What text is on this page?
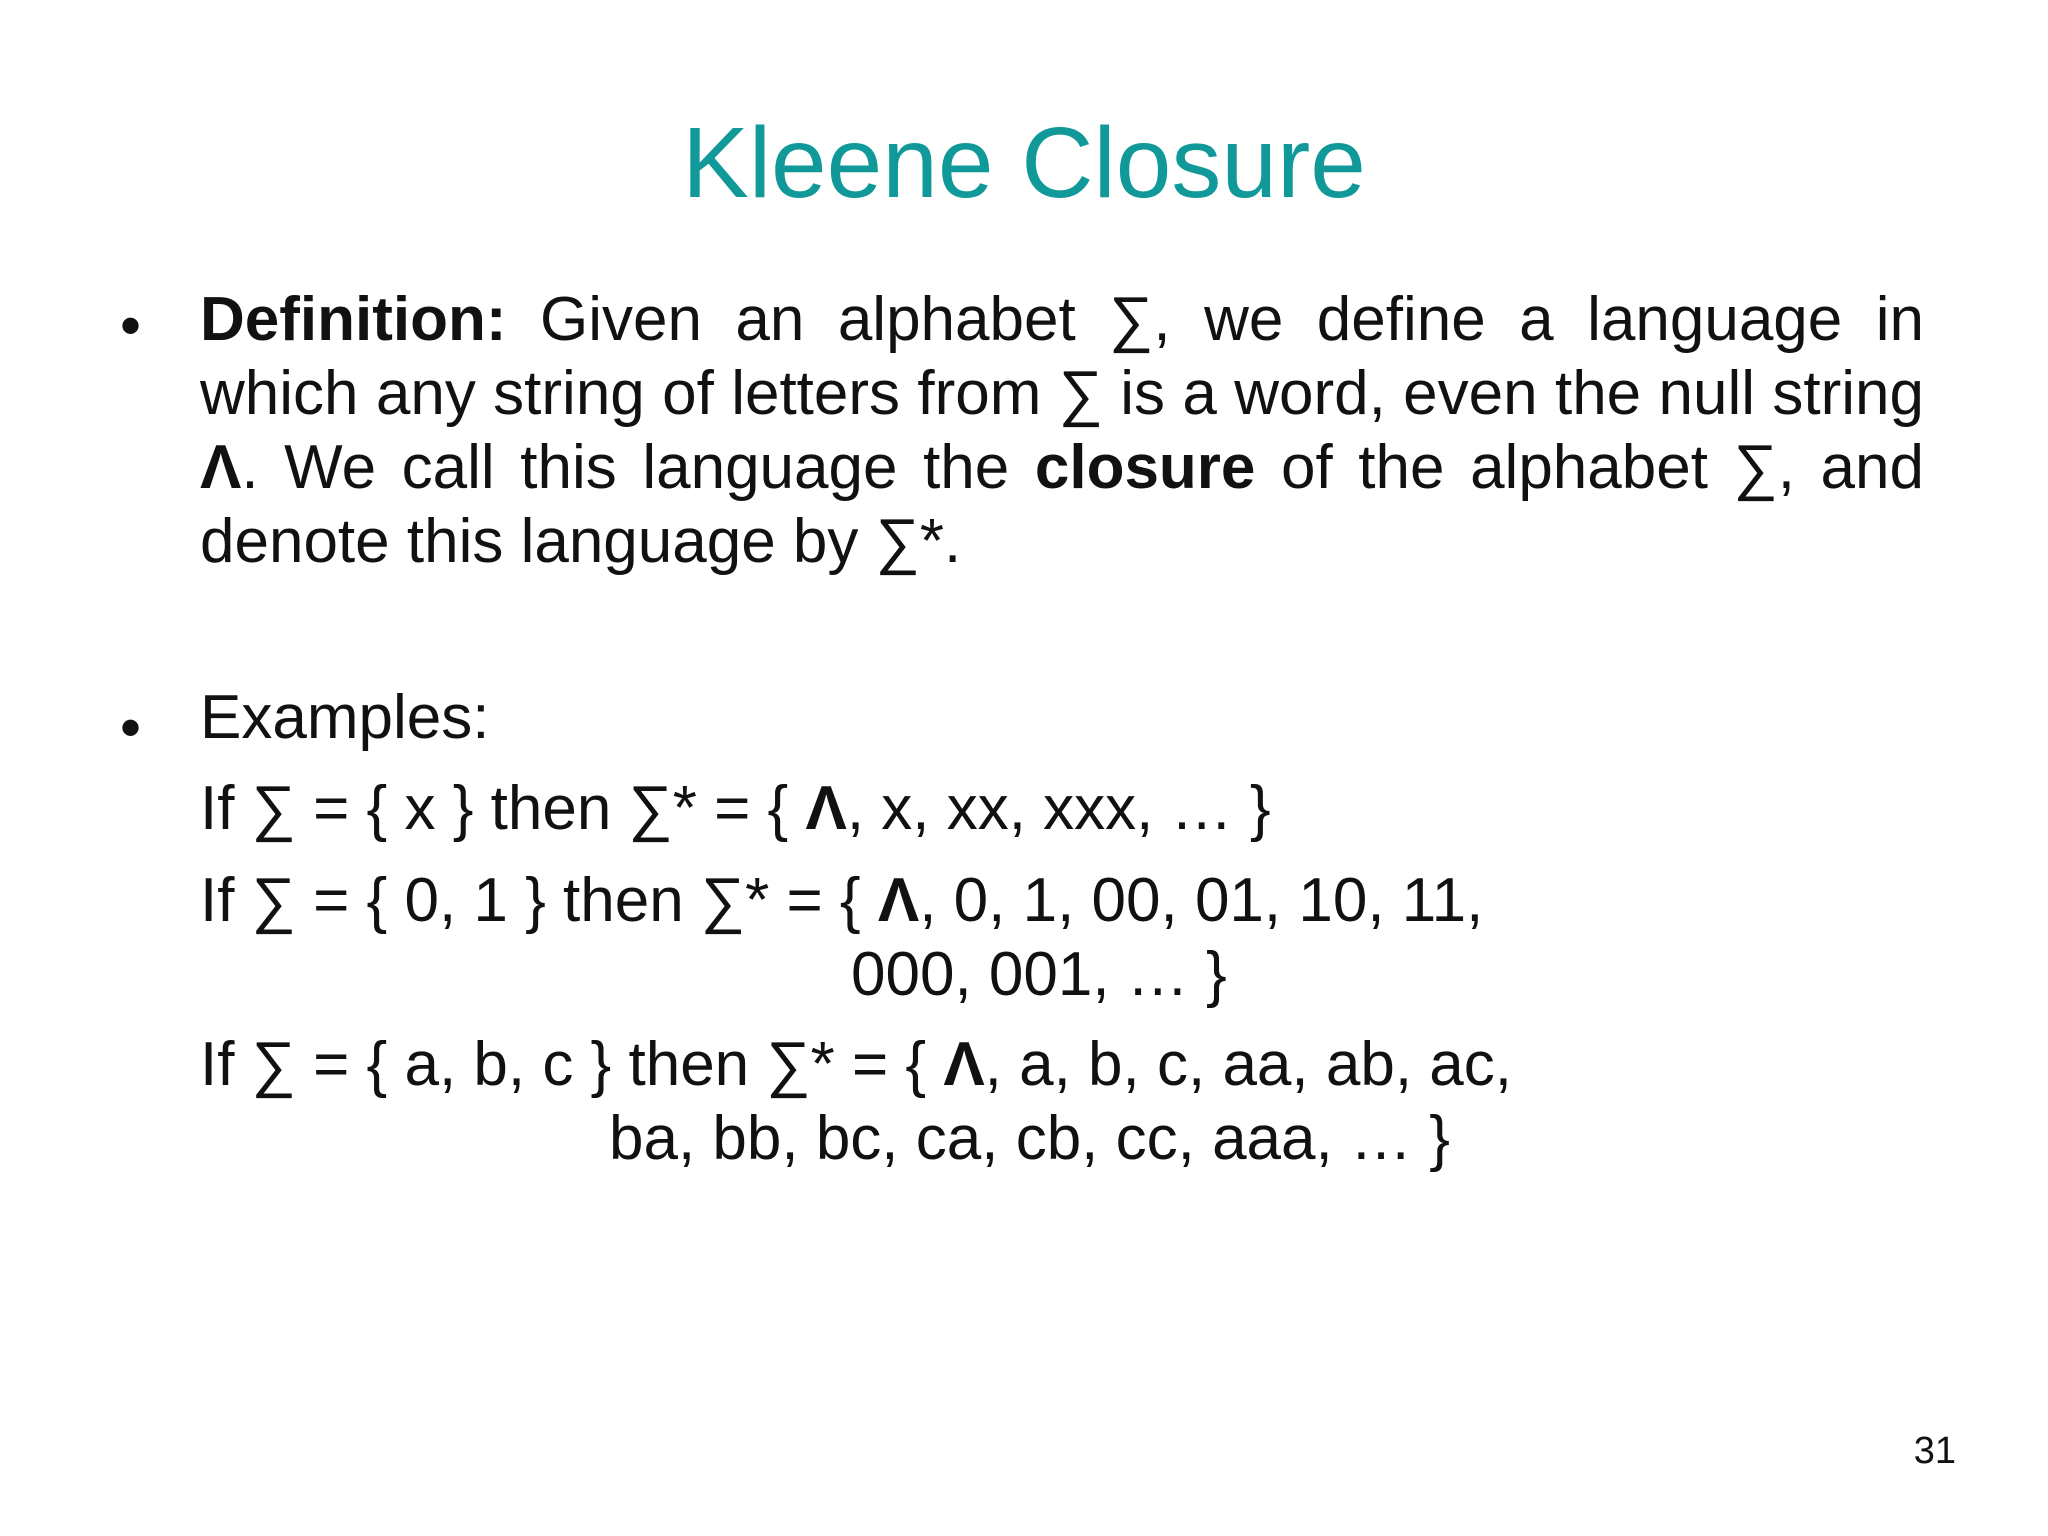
Kleene Closure
• Definition: Given an alphabet ∑, we define a language in which any string of letters from ∑ is a word, even the null string Λ. We call this language the closure of the alphabet ∑, and denote this language by ∑*.
• Examples:
If ∑ = { x } then ∑* = { Λ, x, xx, xxx, … }
If ∑ = { 0, 1 } then ∑* = { Λ, 0, 1, 00, 01, 10, 11,
000, 001, … }
If ∑ = { a, b, c } then ∑* = { Λ, a, b, c, aa, ab, ac,
ba, bb, bc, ca, cb, cc, aaa, … }
31
